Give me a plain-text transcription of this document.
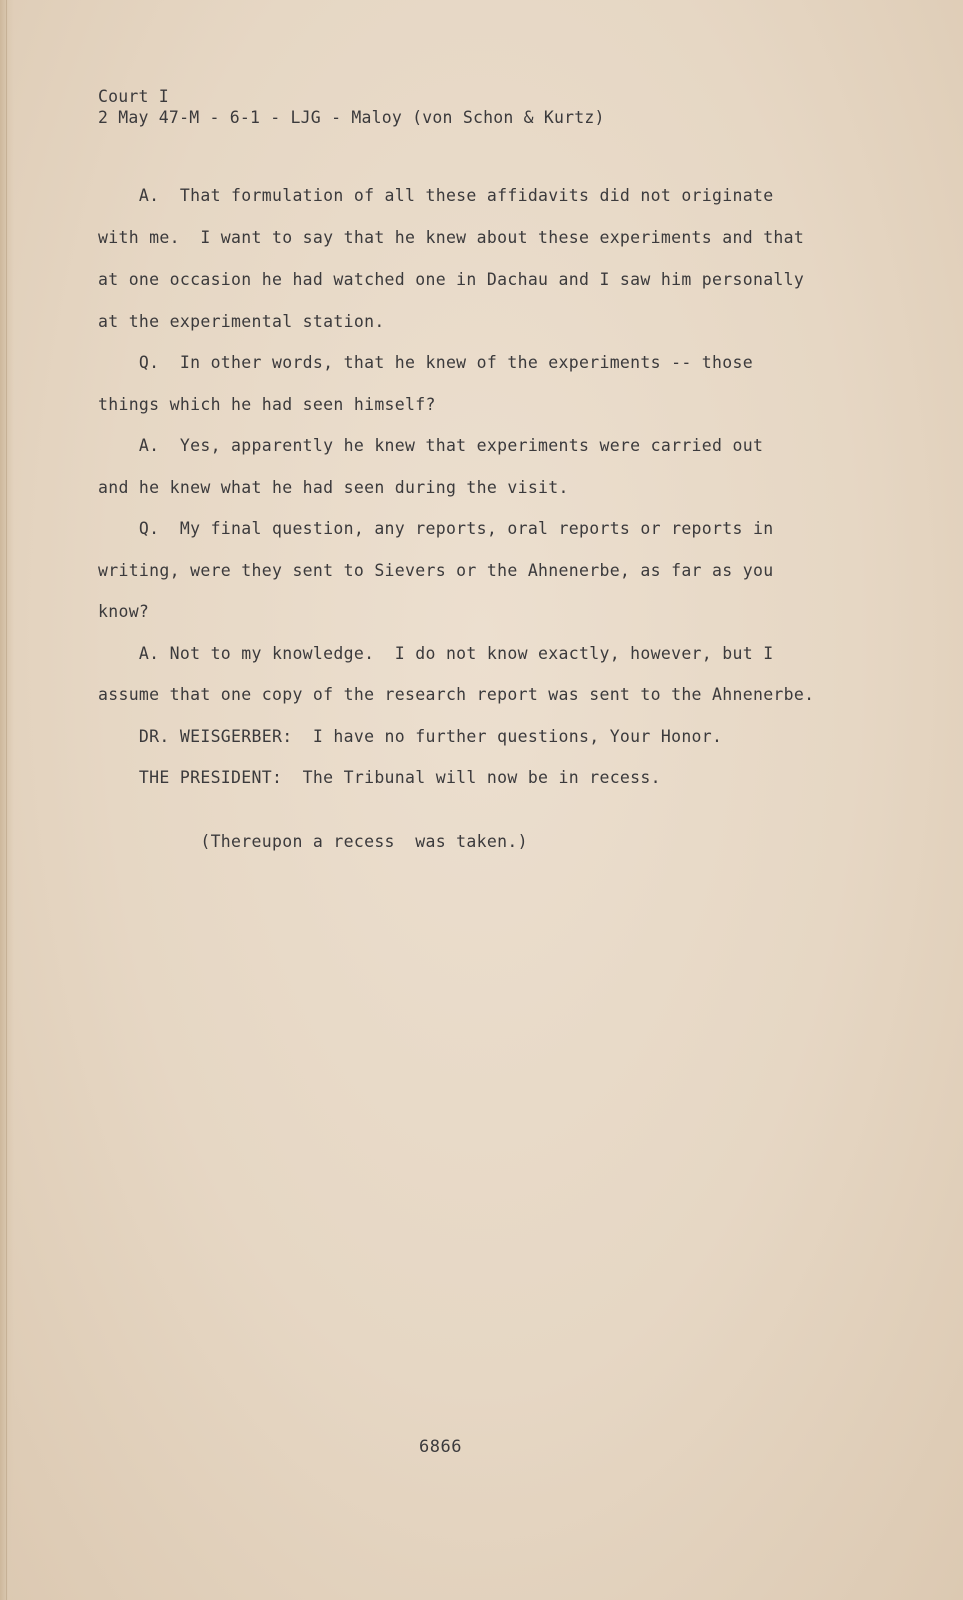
Court I
2 May 47-M - 6-1 - LJG - Maloy (von Schon & Kurtz)
A.  That formulation of all these affidavits did not originate
with me.  I want to say that he knew about these experiments and that
at one occasion he had watched one in Dachau and I saw him personally
at the experimental station.
Q.  In other words, that he knew of the experiments -- those
things which he had seen himself?
A.  Yes, apparently he knew that experiments were carried out
and he knew what he had seen during the visit.
Q.  My final question, any reports, oral reports or reports in
writing, were they sent to Sievers or the Ahnenerbe, as far as you
know?
A. Not to my knowledge.  I do not know exactly, however, but I
assume that one copy of the research report was sent to the Ahnenerbe.
DR. WEISGERBER:  I have no further questions, Your Honor.
THE PRESIDENT:  The Tribunal will now be in recess.
(Thereupon a recess  was taken.)
6866
